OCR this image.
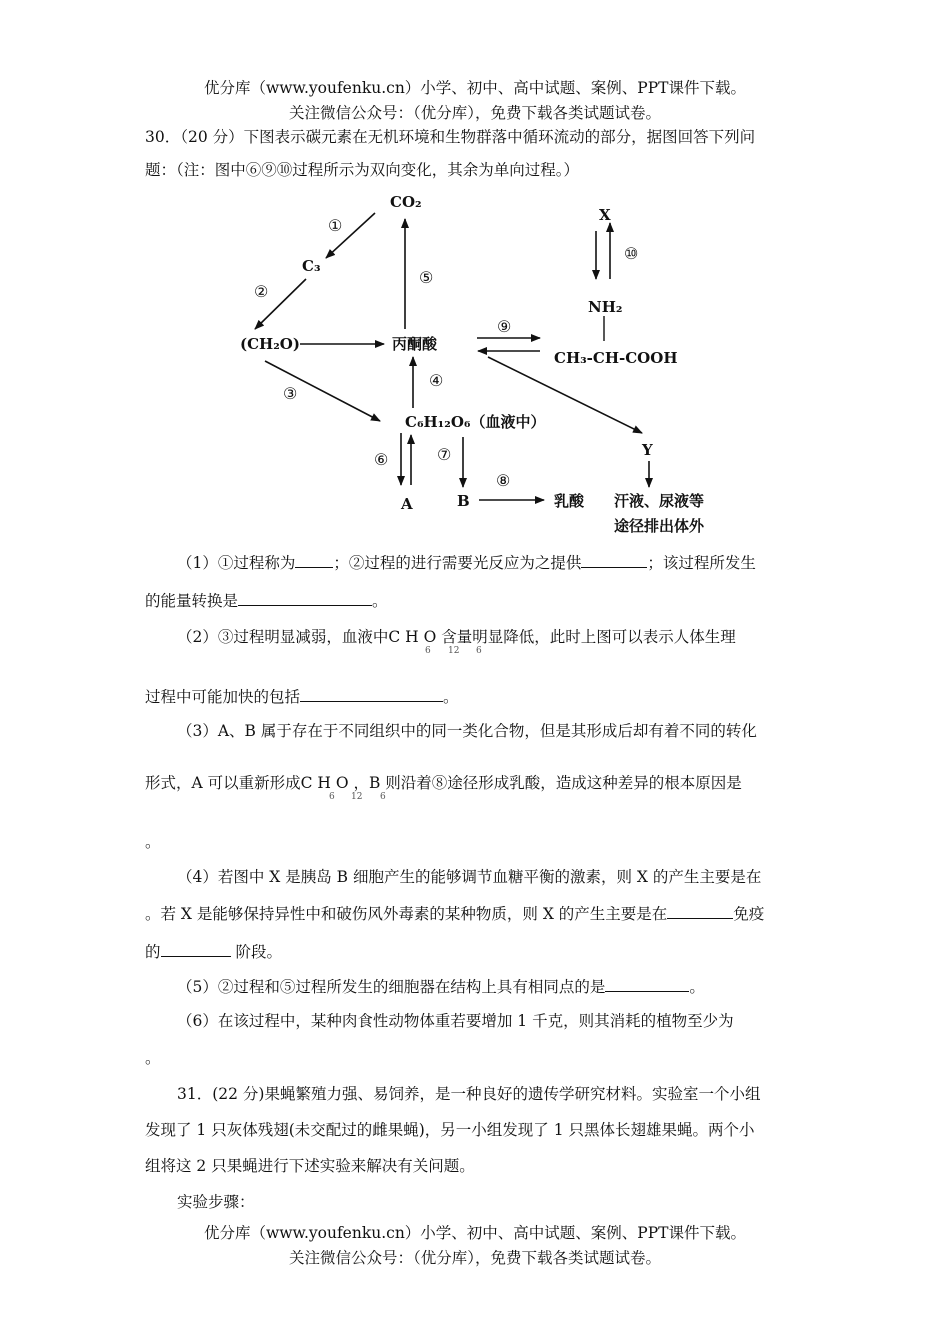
优分库（www.youfenku.cn）小学、初中、高中试题、案例、PPT课件下载。
关注微信公众号：（优分库），免费下载各类试题试卷。
30．（20 分）下图表示碳元素在无机环境和生物群落中循环流动的部分，据图回答下列问
题：（注：图中⑥⑨⑩过程所示为双向变化，其余为单向过程。）
CO₂
C₃
(CH₂O)	丙酮酸
C₆H₁₂O₆（血液中）
A	B	乳酸
X
NH₂
CH₃-CH-COOH
Y
汗液、尿液等
途径排出体外
①
②
③
④
⑤
⑥	⑦
⑧
⑨
⑩
（1）①过程称为 ；②过程的进行需要光反应为之提供	；该过程所发生
的能量转换是	。
（2）③过程明显减弱，血液中C H O 含量明显降低，此时上图可以表示人体生理
6 12 6
过程中可能加快的包括	。
（3）A、B 属于存在于不同组织中的同一类化合物，但是其形成后却有着不同的转化
形式，A 可以重新形成C H O ，B 则沿着⑧途径形成乳酸，造成这种差异的根本原因是
6 12 6
。
（4）若图中 X 是胰岛 B 细胞产生的能够调节血糖平衡的激素，则 X 的产生主要是在
。若 X 是能够保持异性中和破伤风外毒素的某种物质，则 X 的产生主要是在	免疫
的	阶段。
（5）②过程和⑤过程所发生的细胞器在结构上具有相同点的是	。
（6）在该过程中，某种肉食性动物体重若要增加 1 千克，则其消耗的植物至少为
。
31．(22 分)果蝇繁殖力强、易饲养，是一种良好的遗传学研究材料。实验室一个小组
发现了 1 只灰体残翅(未交配过的雌果蝇)，另一小组发现了 1 只黑体长翅雄果蝇。两个小
组将这 2 只果蝇进行下述实验来解决有关问题。
实验步骤：
优分库（www.youfenku.cn）小学、初中、高中试题、案例、PPT课件下载。
关注微信公众号：（优分库），免费下载各类试题试卷。
